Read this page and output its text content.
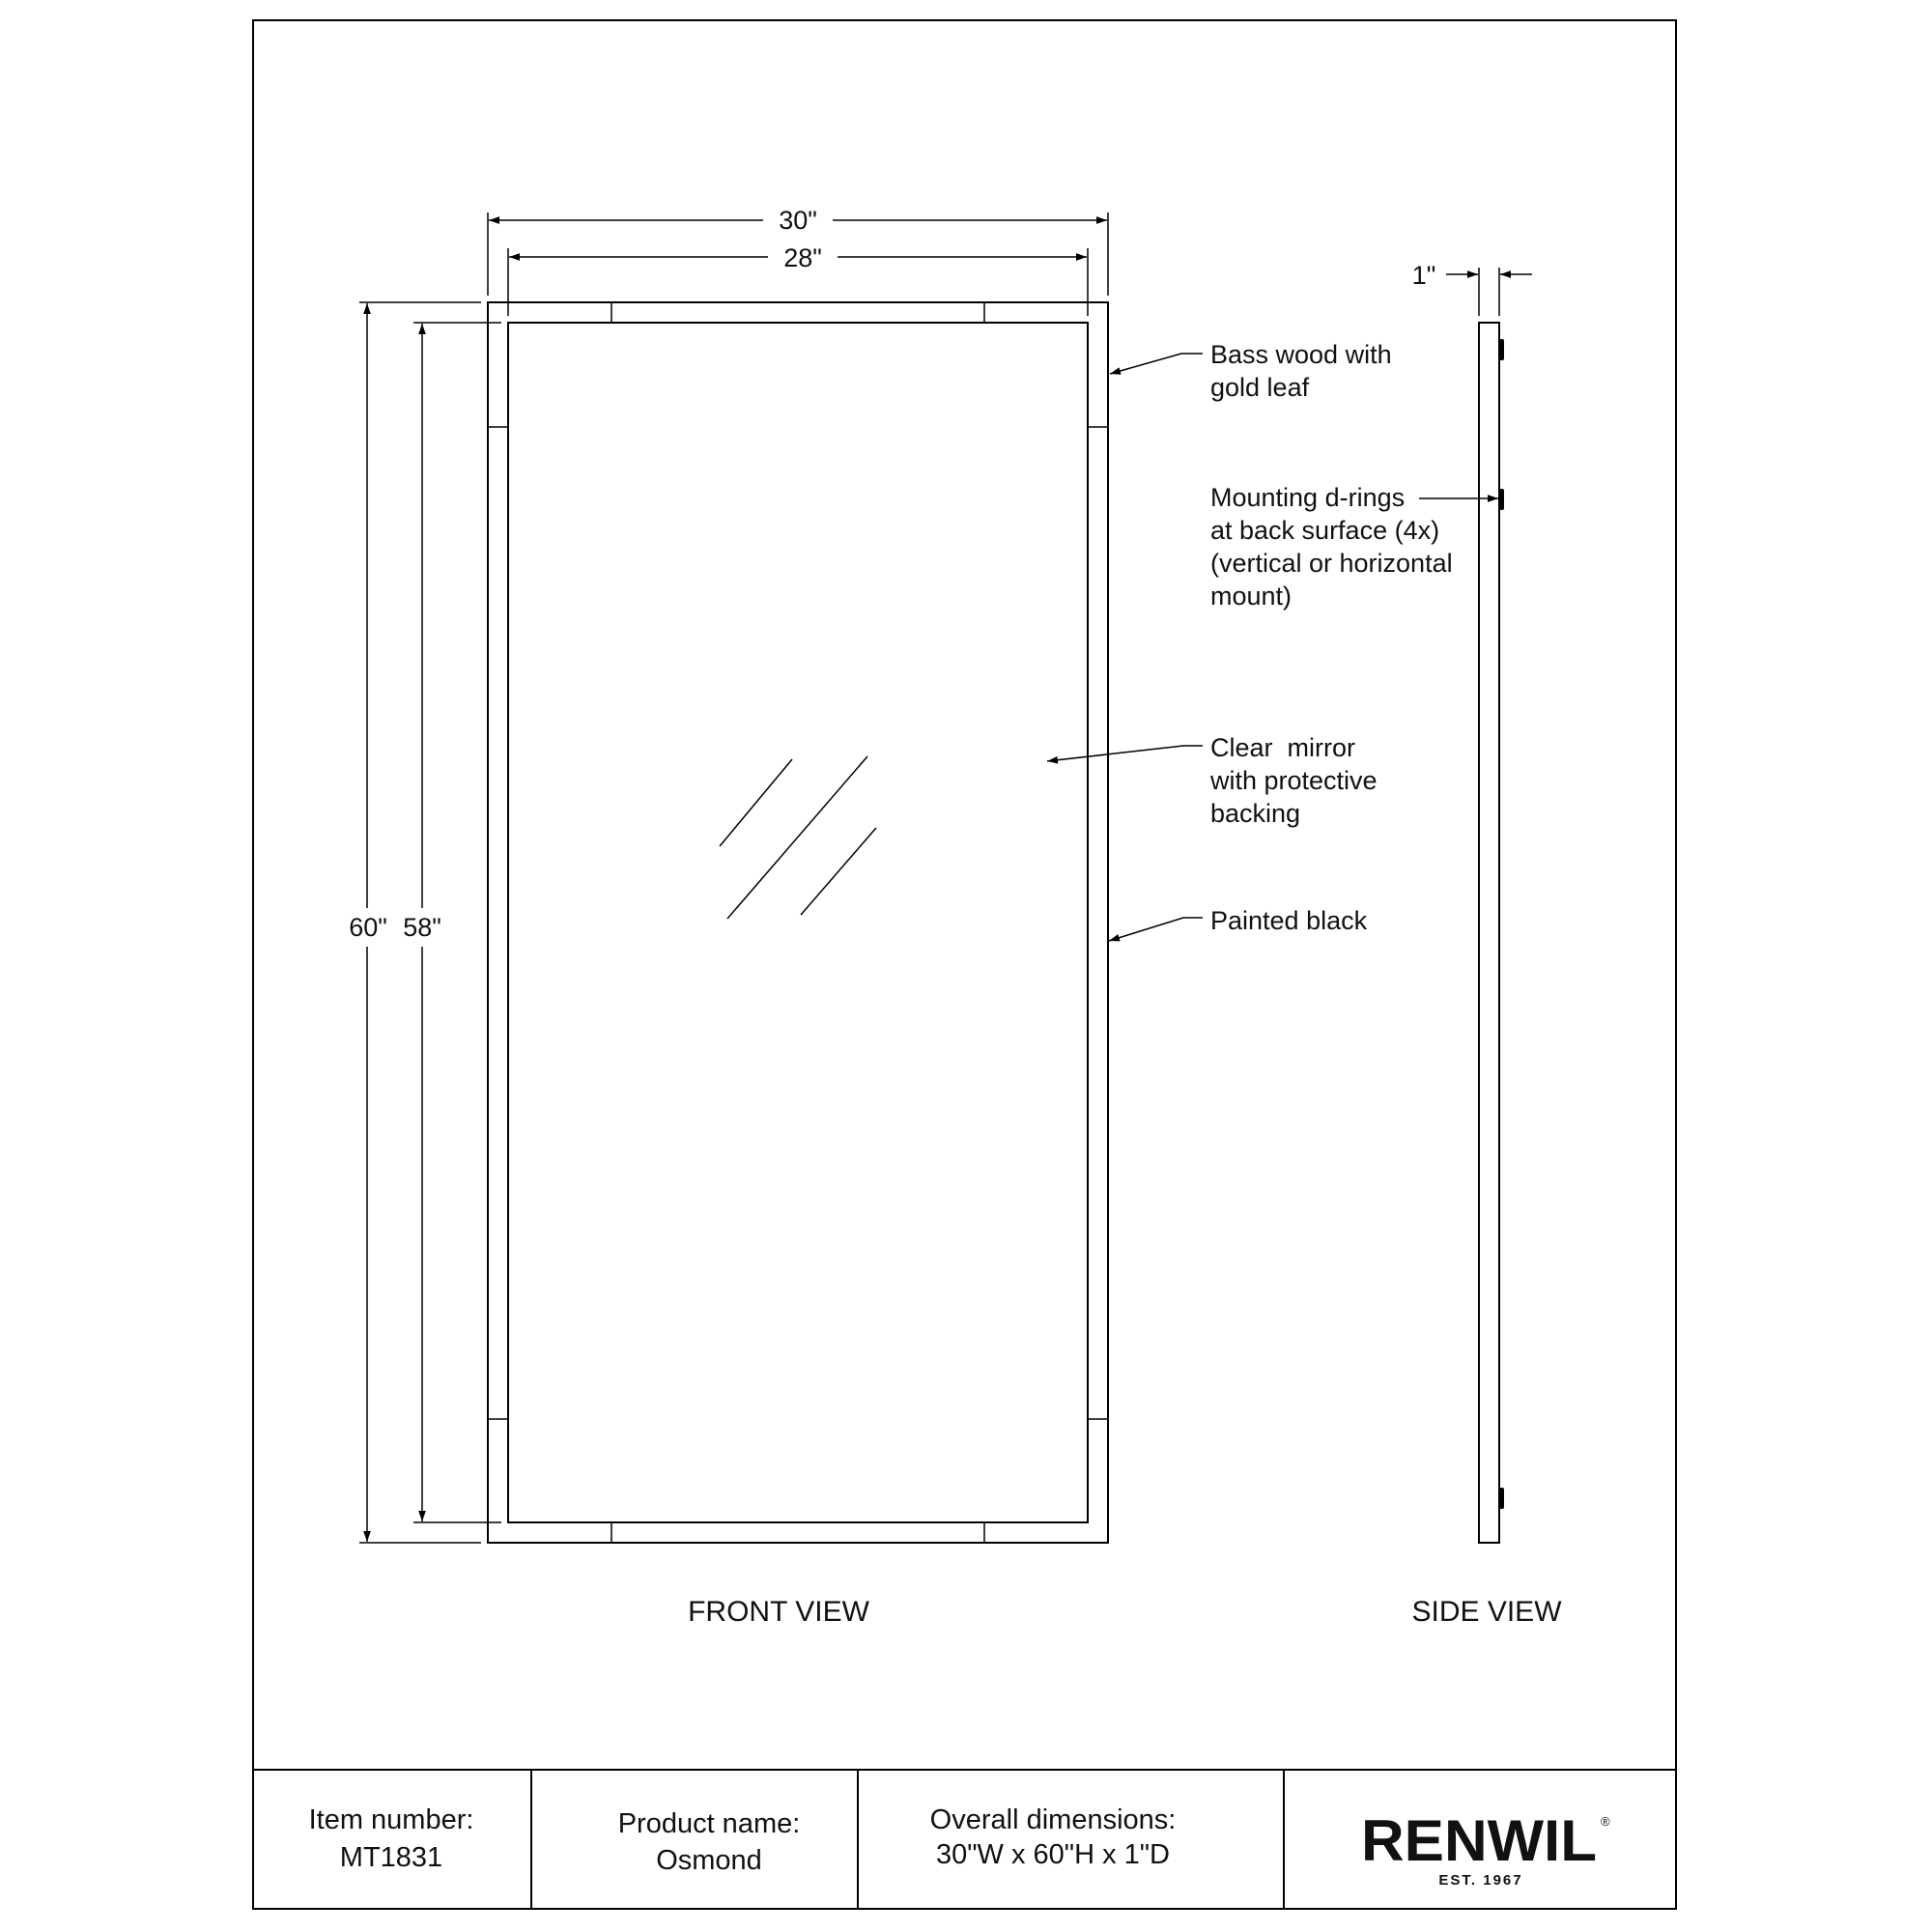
30"
28"
60" 58"
FRONT VIEW
1"
SIDE VIEW
Bass wood with gold leaf
Mounting d-rings at back surface (4x) (vertical or horizontal mount)
Clear  mirror with protective backing
Painted black
Item number:
MT1831
Product name:
Osmond
Overall dimensions:
30"W x 60"H x 1"D	RENWIL ®
EST. 1967
